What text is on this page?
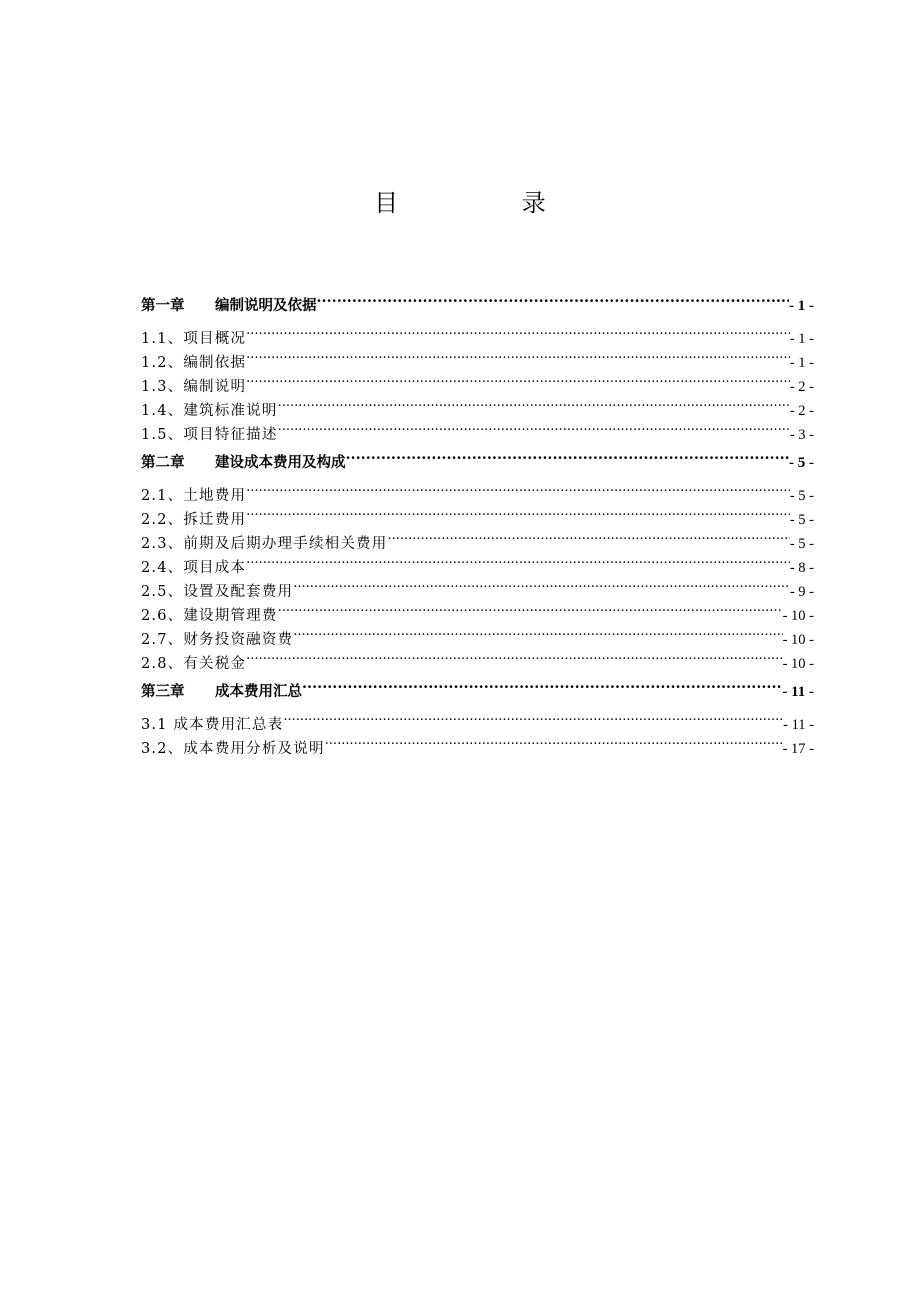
目 录
第一章 编制说明及依据 .....	- 1 -
1.1、项目概况 .....	- 1 -
1.2、编制依据 .....	- 1 -
1.3、编制说明 .....	- 2 -
1.4、建筑标准说明 .....	- 2 -
1.5、项目特征描述 .....	- 3 -
第二章 建设成本费用及构成 .....	- 5 -
2.1、土地费用 .....	- 5 -
2.2、拆迁费用 .....	- 5 -
2.3、前期及后期办理手续相关费用 .....	- 5 -
2.4、项目成本 .....	- 8 -
2.5、设置及配套费用 .....	- 9 -
2.6、建设期管理费 .....	- 10 -
2.7、财务投资融资费 .....	- 10 -
2.8、有关税金 .....	- 10 -
第三章 成本费用汇总 .....	- 11 -
3.1 成本费用汇总表 .....	- 11 -
3.2、成本费用分析及说明 .....	- 17 -
